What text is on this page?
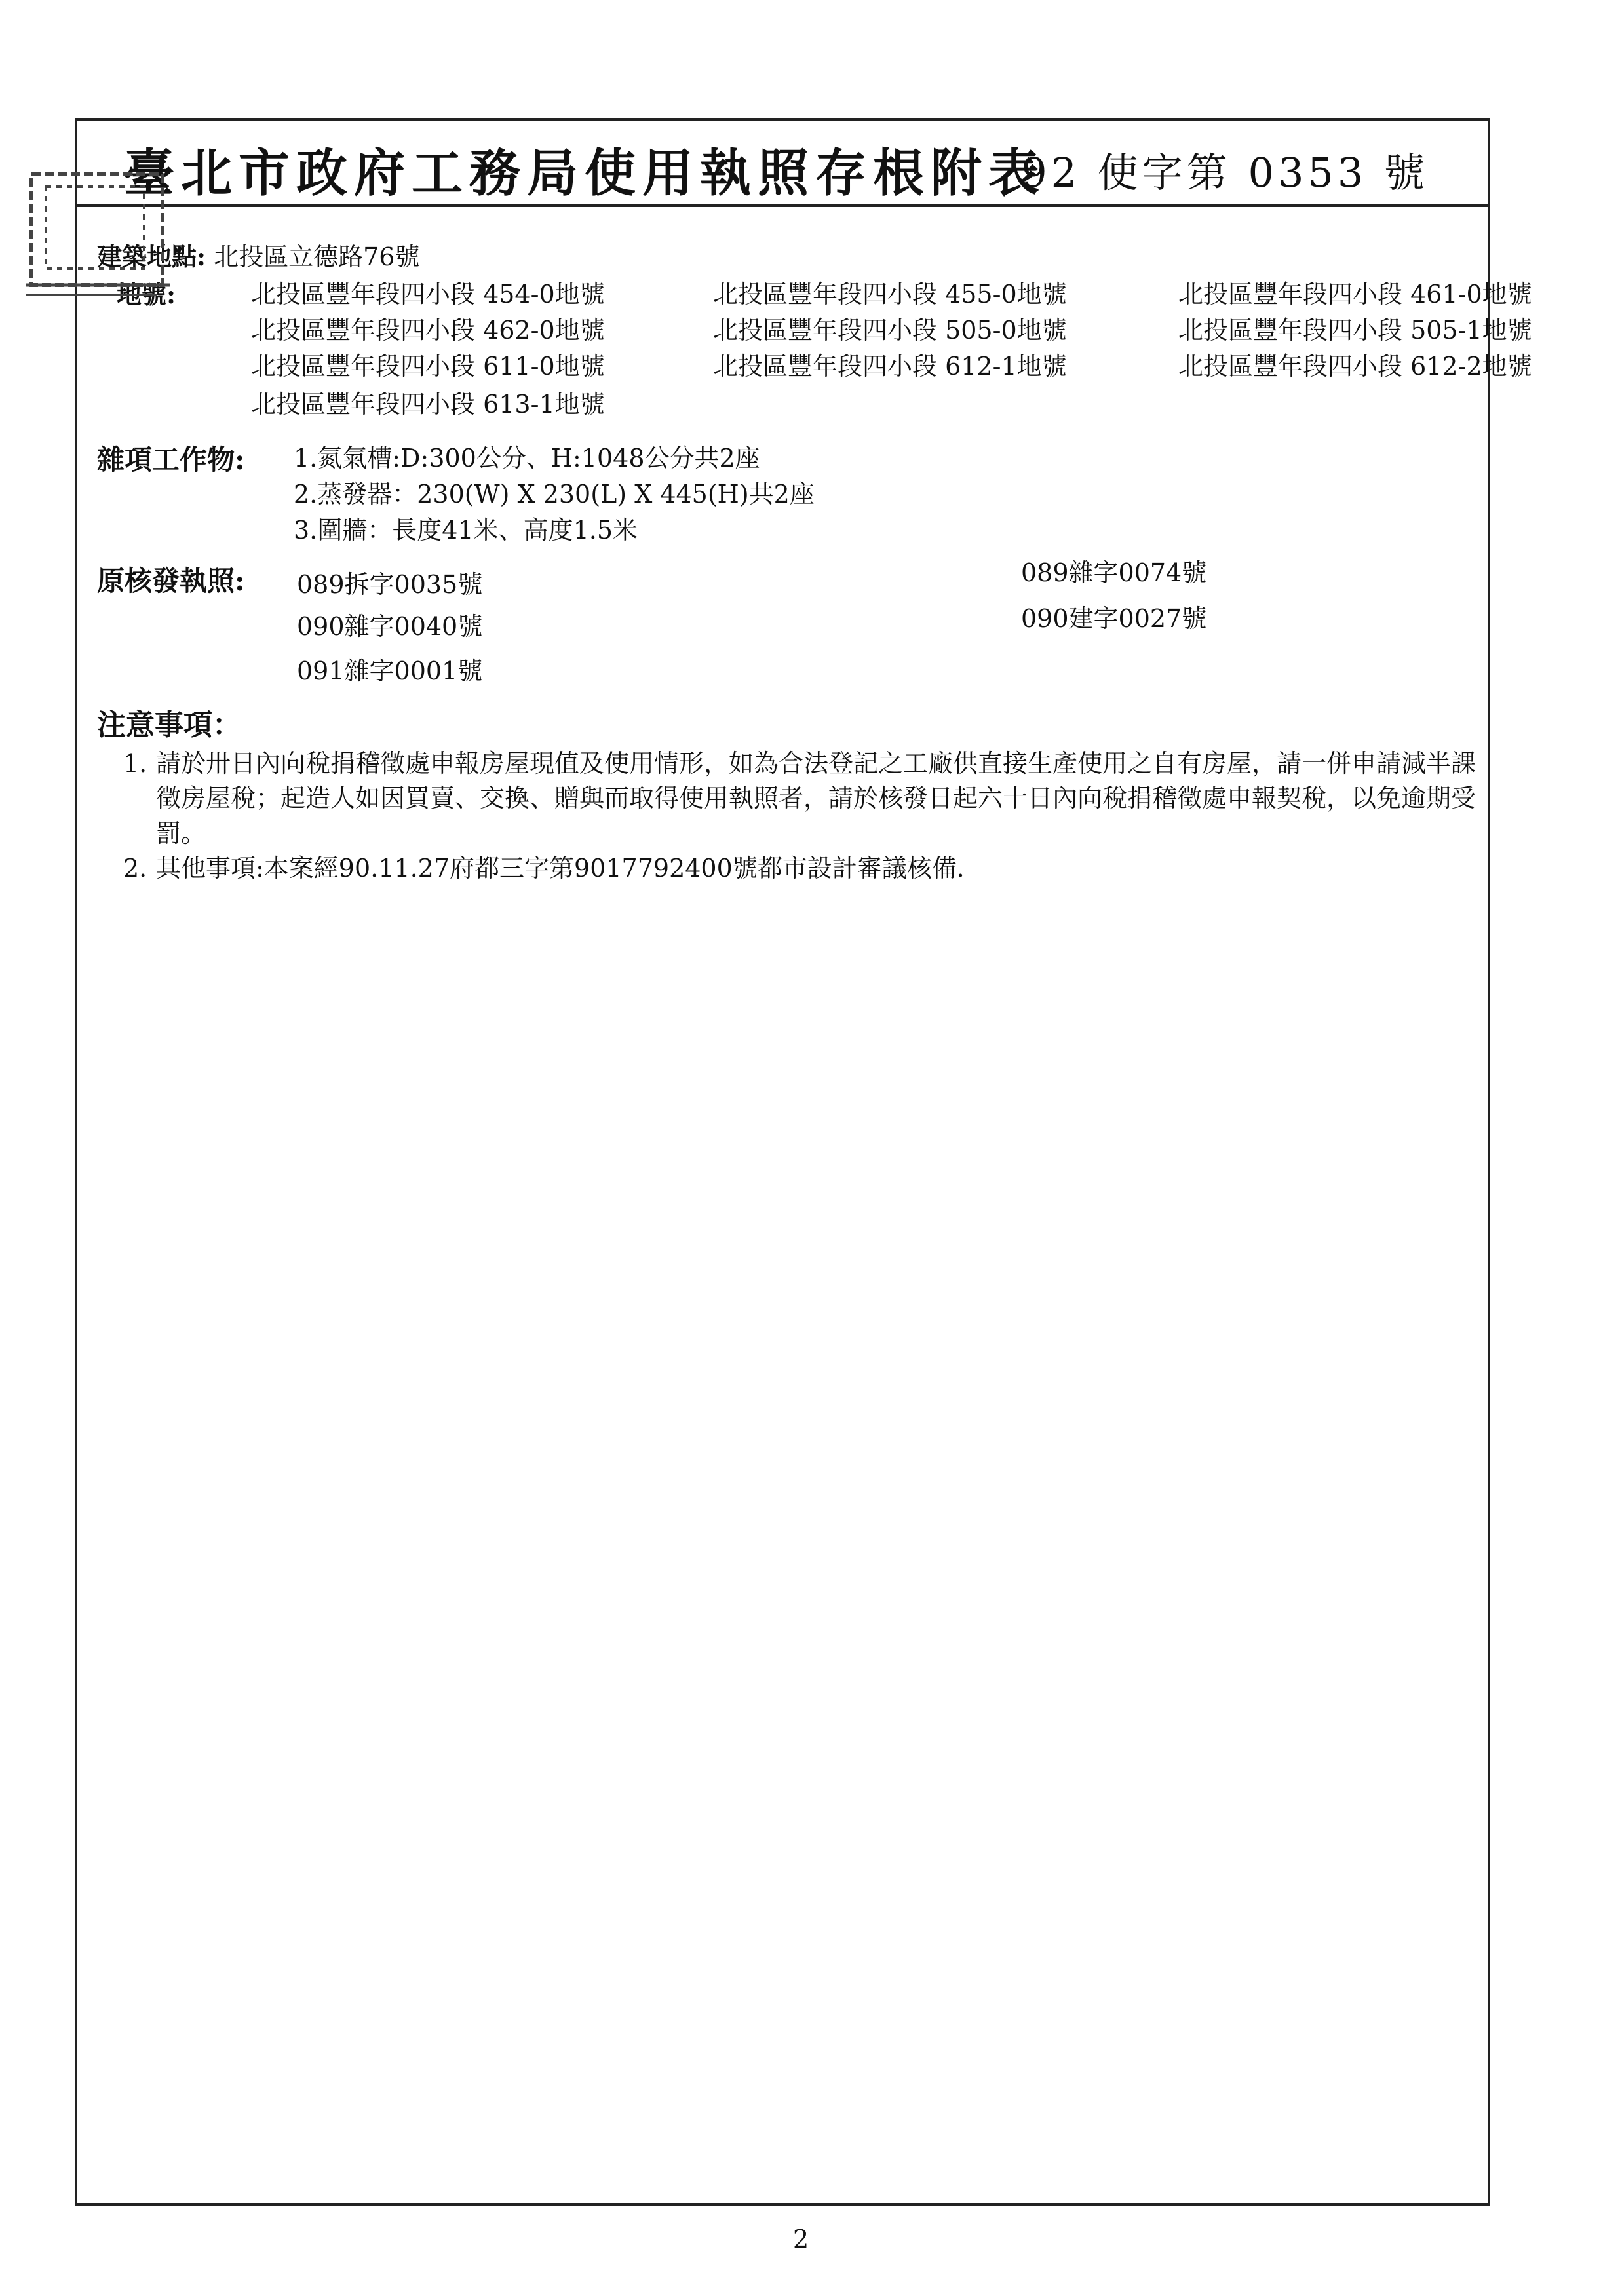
臺北市政府工務局使用執照存根附表
92 使字第 0353 號
建築地點: 北投區立德路76號
地號:	北投區豐年段四小段 454-0地號	北投區豐年段四小段 455-0地號	北投區豐年段四小段 461-0地號
北投區豐年段四小段 462-0地號	北投區豐年段四小段 505-0地號	北投區豐年段四小段 505-1地號
北投區豐年段四小段 611-0地號	北投區豐年段四小段 612-1地號	北投區豐年段四小段 612-2地號
北投區豐年段四小段 613-1地號
雜項工作物: 1.氮氣槽:D:300公分、H:1048公分共2座
2.蒸發器：230(W) X 230(L) X 445(H)共2座
3.圍牆：長度41米、高度1.5米
原核發執照: 089拆字0035號	089雜字0074號
090雜字0040號	090建字0027號
091雜字0001號
注意事項：
1. 請於卅日內向稅捐稽徵處申報房屋現值及使用情形，如為合法登記之工廠供直接生產使用之自有房屋，請一併申請減半課徵房屋稅；起造人如因買賣、交換、贈與而取得使用執照者，請於核發日起六十日內向稅捐稽徵處申報契稅，以免逾期受罰。
2. 其他事項:本案經90.11.27府都三字第9017792400號都市設計審議核備．
2
